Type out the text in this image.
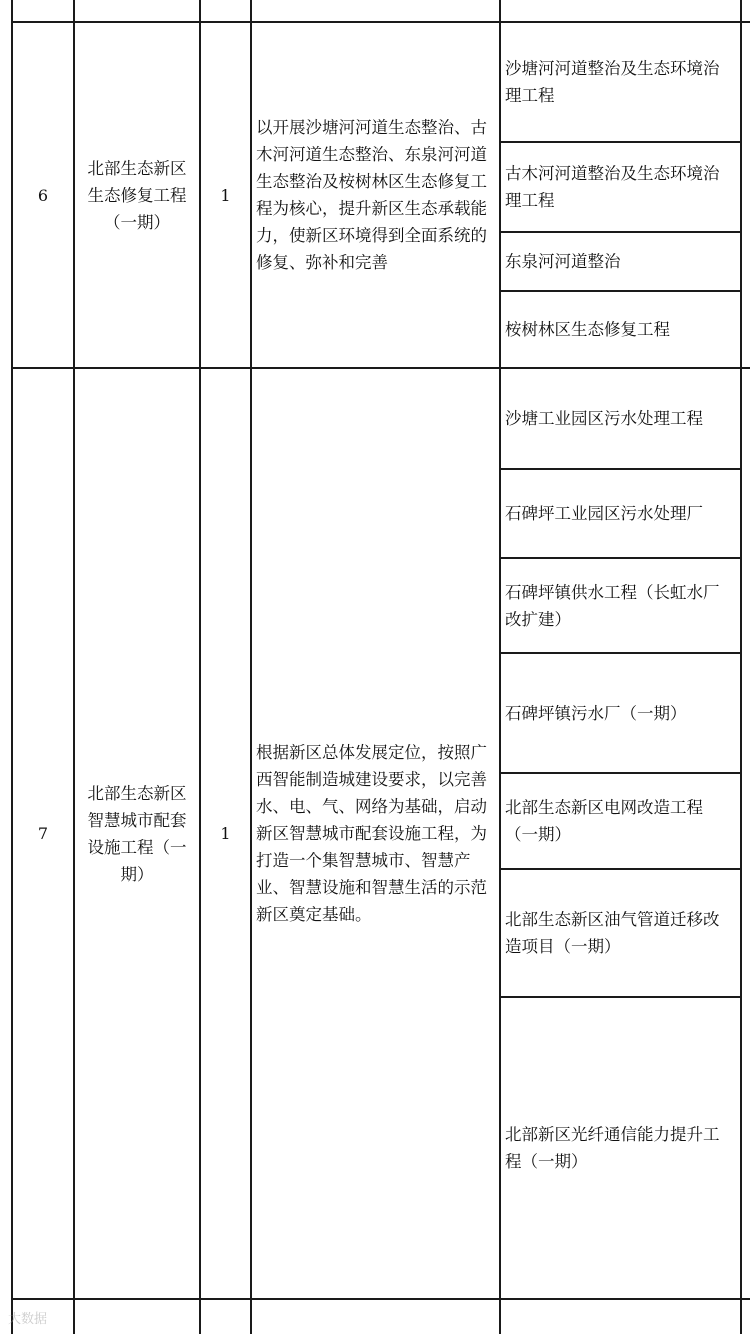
6
北部生态新区生态修复工程（一期）
1
以开展沙塘河河道生态整治、古木河河道生态整治、东泉河河道生态整治及桉树林区生态修复工程为核心，提升新区生态承载能力，使新区环境得到全面系统的修复、弥补和完善
沙塘河河道整治及生态环境治理工程
古木河河道整治及生态环境治理工程
东泉河河道整治
桉树林区生态修复工程
7
北部生态新区智慧城市配套设施工程（一期）
1
根据新区总体发展定位，按照广西智能制造城建设要求，以完善水、电、气、网络为基础，启动新区智慧城市配套设施工程，为打造一个集智慧城市、智慧产业、智慧设施和智慧生活的示范新区奠定基础。
沙塘工业园区污水处理工程
石碑坪工业园区污水处理厂
石碑坪镇供水工程（长虹水厂改扩建）
石碑坪镇污水厂（一期）
北部生态新区电网改造工程（一期）
北部生态新区油气管道迁移改造项目（一期）
北部新区光纤通信能力提升工程（一期）
大数据
